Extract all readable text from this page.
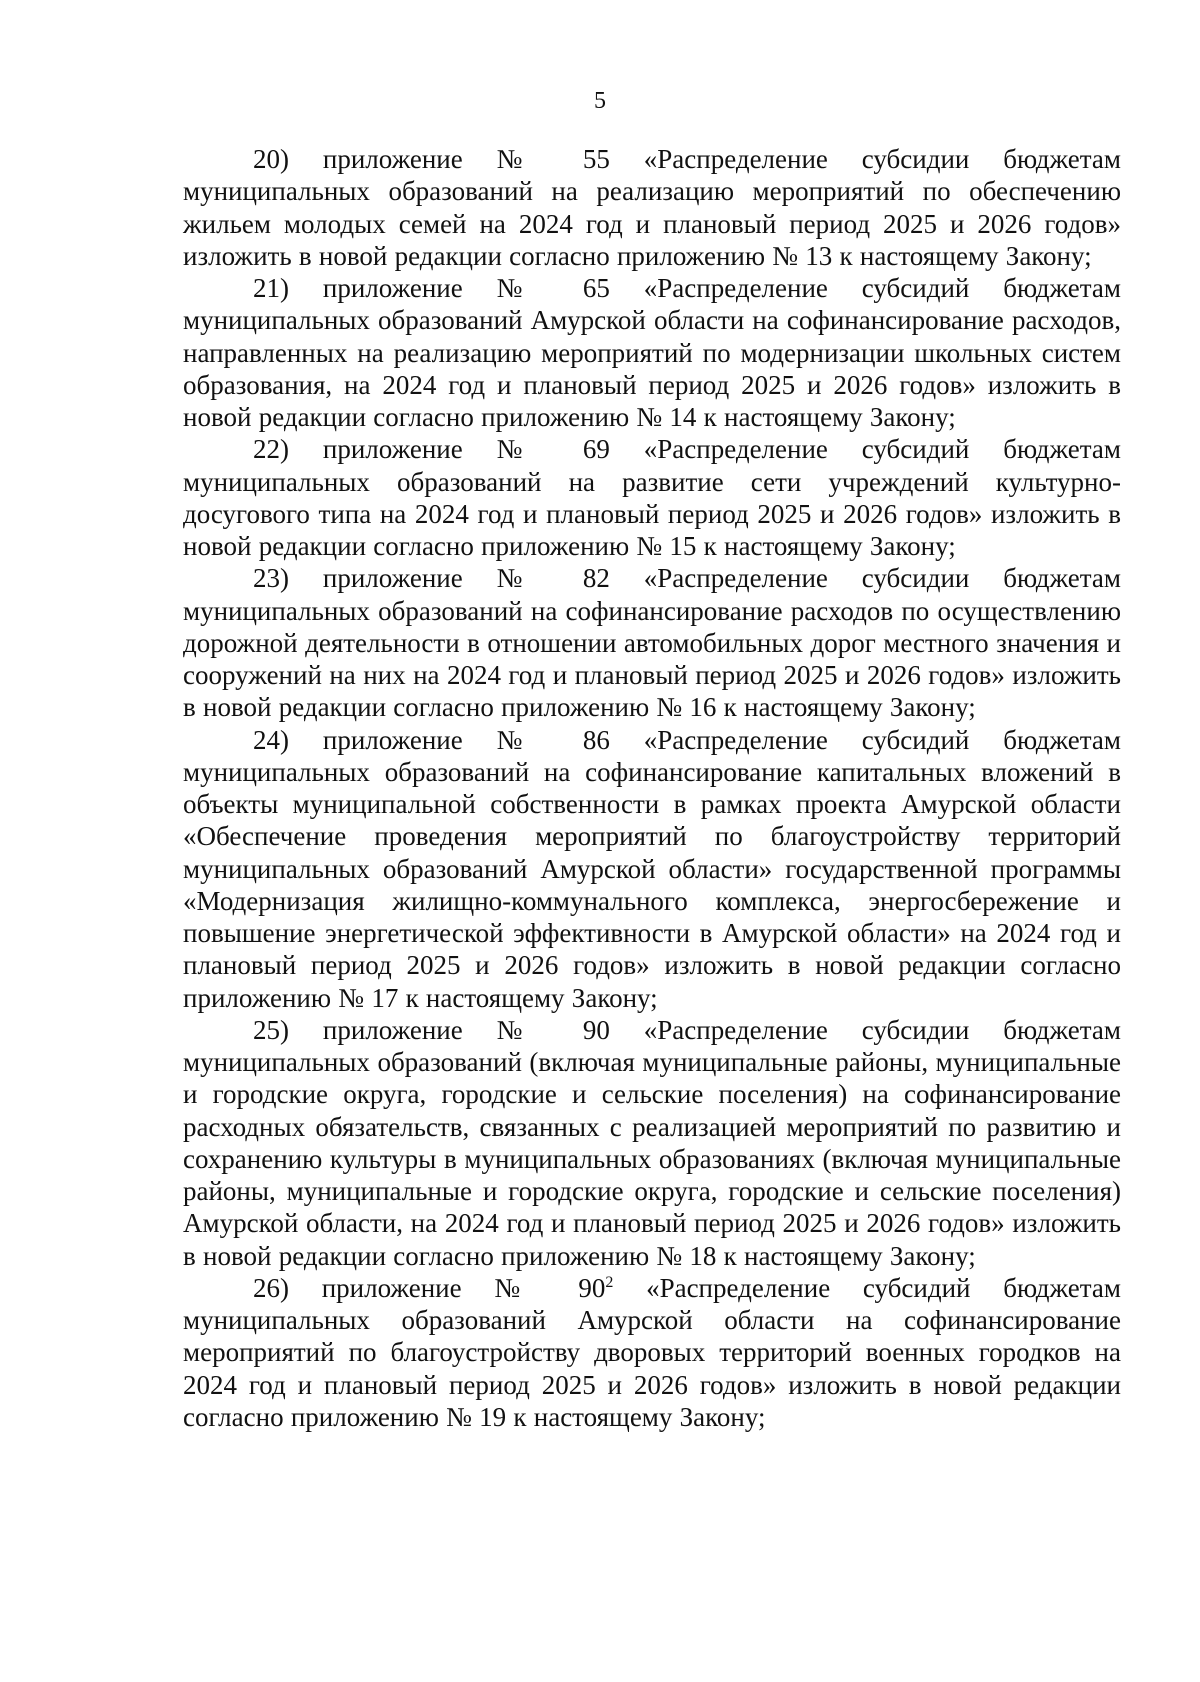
5

20) приложение № 55 «Распределение субсидии бюджетам муниципальных образований на реализацию мероприятий по обеспечению жильем молодых семей на 2024 год и плановый период 2025 и 2026 годов» изложить в новой редакции согласно приложению № 13 к настоящему Закону;

21) приложение № 65 «Распределение субсидий бюджетам муниципальных образований Амурской области на софинансирование расходов, направленных на реализацию мероприятий по модернизации школьных систем образования, на 2024 год и плановый период 2025 и 2026 годов» изложить в новой редакции согласно приложению № 14 к настоящему Закону;

22) приложение № 69 «Распределение субсидий бюджетам муниципальных образований на развитие сети учреждений культурно-досугового типа на 2024 год и плановый период 2025 и 2026 годов» изложить в новой редакции согласно приложению № 15 к настоящему Закону;

23) приложение № 82 «Распределение субсидии бюджетам муниципальных образований на софинансирование расходов по осуществлению дорожной деятельности в отношении автомобильных дорог местного значения и сооружений на них на 2024 год и плановый период 2025 и 2026 годов» изложить в новой редакции согласно приложению № 16 к настоящему Закону;

24) приложение № 86 «Распределение субсидий бюджетам муниципальных образований на софинансирование капитальных вложений в объекты муниципальной собственности в рамках проекта Амурской области «Обеспечение проведения мероприятий по благоустройству территорий муниципальных образований Амурской области» государственной программы «Модернизация жилищно-коммунального комплекса, энергосбережение и повышение энергетической эффективности в Амурской области» на 2024 год и плановый период 2025 и 2026 годов» изложить в новой редакции согласно приложению № 17 к настоящему Закону;

25) приложение № 90 «Распределение субсидии бюджетам муниципальных образований (включая муниципальные районы, муниципальные и городские округа, городские и сельские поселения) на софинансирование расходных обязательств, связанных с реализацией мероприятий по развитию и сохранению культуры в муниципальных образованиях (включая муниципальные районы, муниципальные и городские округа, городские и сельские поселения) Амурской области, на 2024 год и плановый период 2025 и 2026 годов» изложить в новой редакции согласно приложению № 18 к настоящему Закону;

26) приложение № $90^2$ «Распределение субсидий бюджетам муниципальных образований Амурской области на софинансирование мероприятий по благоустройству дворовых территорий военных городков на 2024 год и плановый период 2025 и 2026 годов» изложить в новой редакции согласно приложению № 19 к настоящему Закону;
